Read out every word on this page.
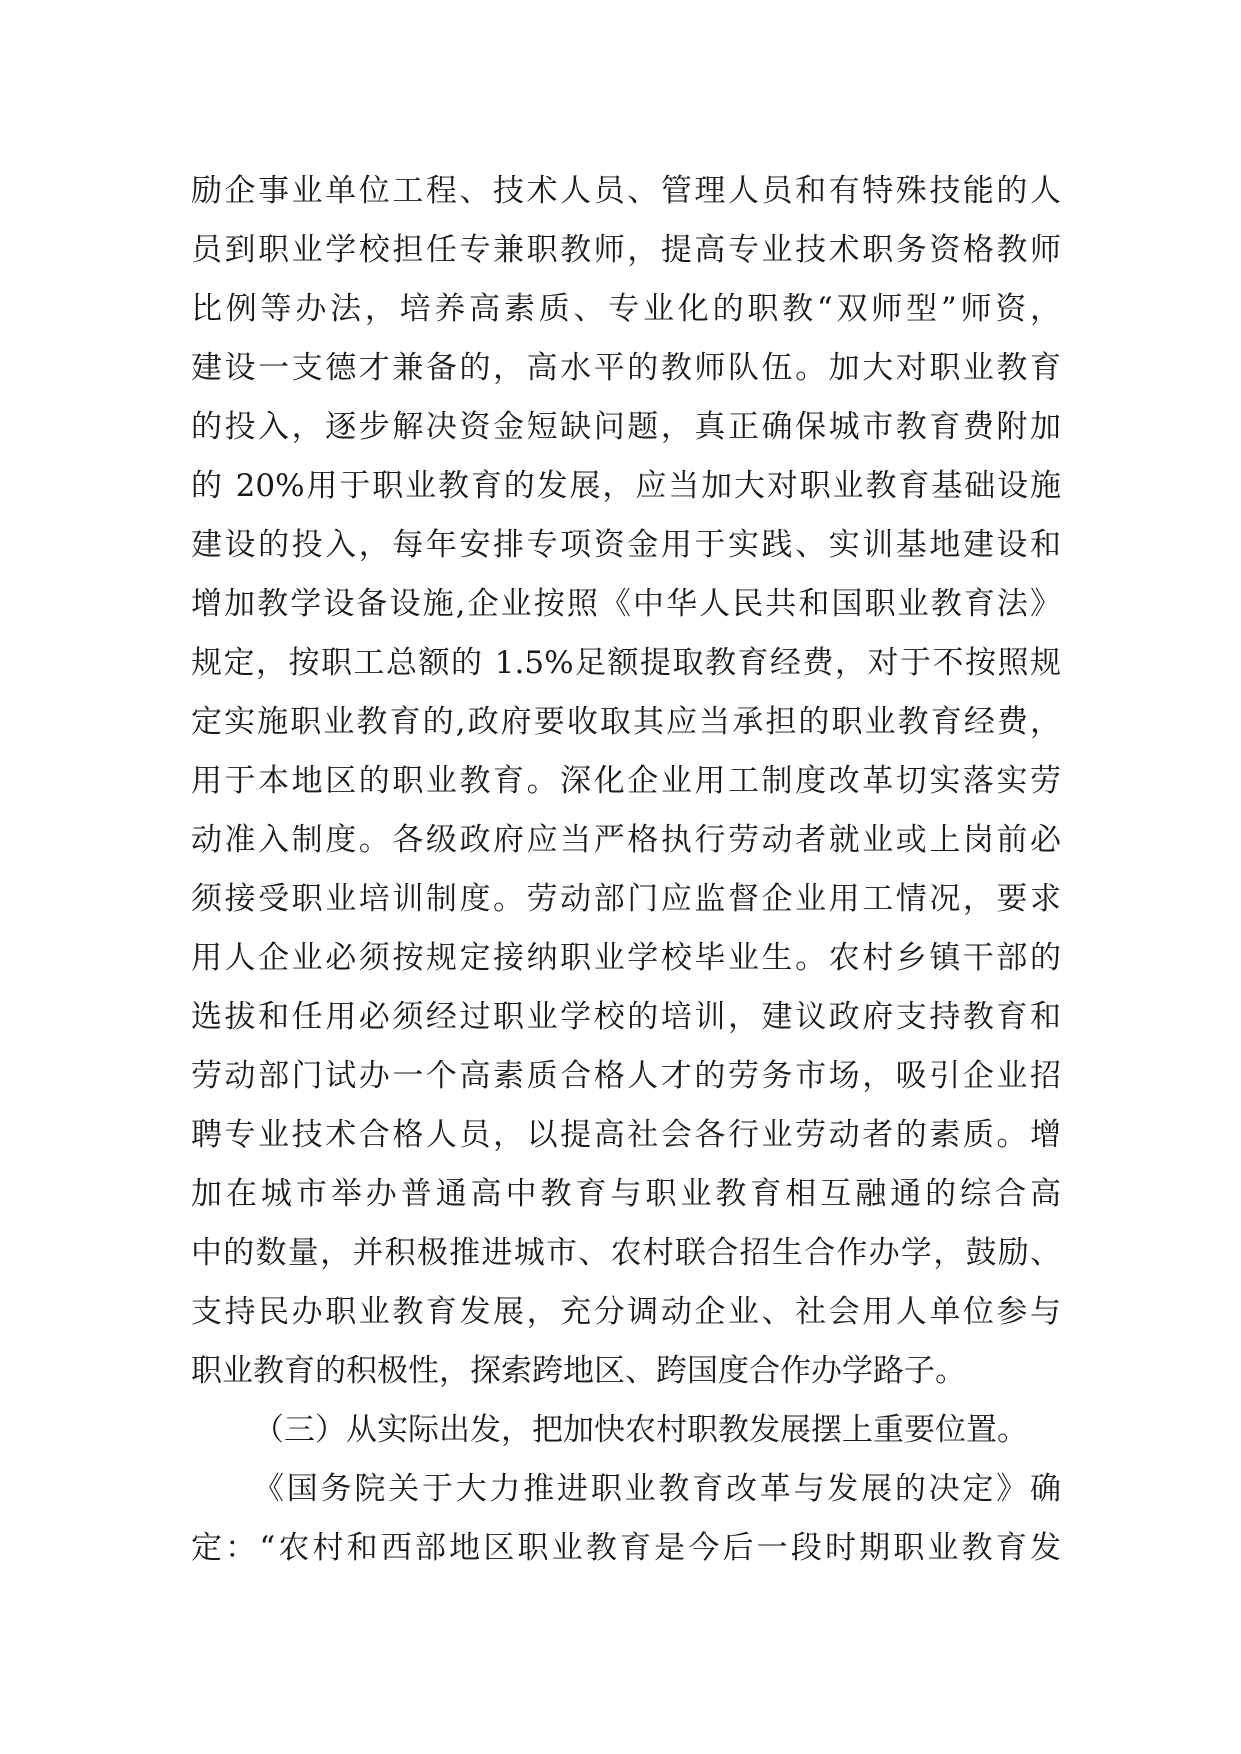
励企事业单位工程、技术人员、管理人员和有特殊技能的人
员到职业学校担任专兼职教师，提高专业技术职务资格教师
比例等办法，培养高素质、专业化的职教“双师型”师资，
建设一支德才兼备的，高水平的教师队伍。加大对职业教育
的投入，逐步解决资金短缺问题，真正确保城市教育费附加
的 20%用于职业教育的发展，应当加大对职业教育基础设施
建设的投入，每年安排专项资金用于实践、实训基地建设和
增加教学设备设施,企业按照《中华人民共和国职业教育法》
规定，按职工总额的 1.5%足额提取教育经费，对于不按照规
定实施职业教育的,政府要收取其应当承担的职业教育经费，
用于本地区的职业教育。深化企业用工制度改革切实落实劳
动准入制度。各级政府应当严格执行劳动者就业或上岗前必
须接受职业培训制度。劳动部门应监督企业用工情况，要求
用人企业必须按规定接纳职业学校毕业生。农村乡镇干部的
选拔和任用必须经过职业学校的培训，建议政府支持教育和
劳动部门试办一个高素质合格人才的劳务市场，吸引企业招
聘专业技术合格人员，以提高社会各行业劳动者的素质。增
加在城市举办普通高中教育与职业教育相互融通的综合高
中的数量，并积极推进城市、农村联合招生合作办学，鼓励、
支持民办职业教育发展，充分调动企业、社会用人单位参与
职业教育的积极性，探索跨地区、跨国度合作办学路子。
（三）从实际出发，把加快农村职教发展摆上重要位置。
《国务院关于大力推进职业教育改革与发展的决定》确
定：“农村和西部地区职业教育是今后一段时期职业教育发
